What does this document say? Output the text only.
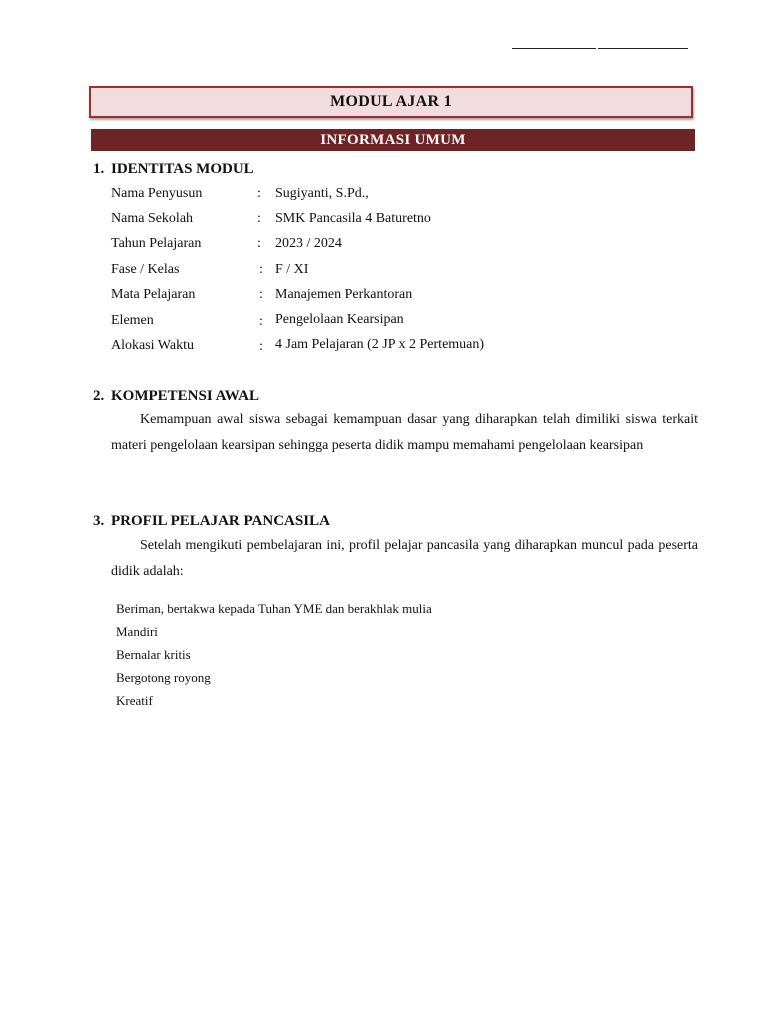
MODUL AJAR 1
INFORMASI UMUM
1. IDENTITAS MODUL
Nama Penyusun	: Sugiyanti, S.Pd.,
Nama Sekolah	: SMK Pancasila 4 Baturetno
Tahun Pelajaran	: 2023 / 2024
Fase / Kelas	: F / XI
Mata Pelajaran	: Manajemen Perkantoran
Elemen	: Pengelolaan Kearsipan
Alokasi Waktu	: 4 Jam Pelajaran (2 JP x 2 Pertemuan)
2. KOMPETENSI AWAL
Kemampuan awal siswa sebagai kemampuan dasar yang diharapkan telah dimiliki siswa terkait materi pengelolaan kearsipan sehingga peserta didik mampu memahami pengelolaan kearsipan
3. PROFIL PELAJAR PANCASILA
Setelah mengikuti pembelajaran ini, profil pelajar pancasila yang diharapkan muncul pada peserta didik adalah:
Beriman, bertakwa kepada Tuhan YME dan berakhlak mulia
Mandiri
Bernalar kritis
Bergotong royong
Kreatif
